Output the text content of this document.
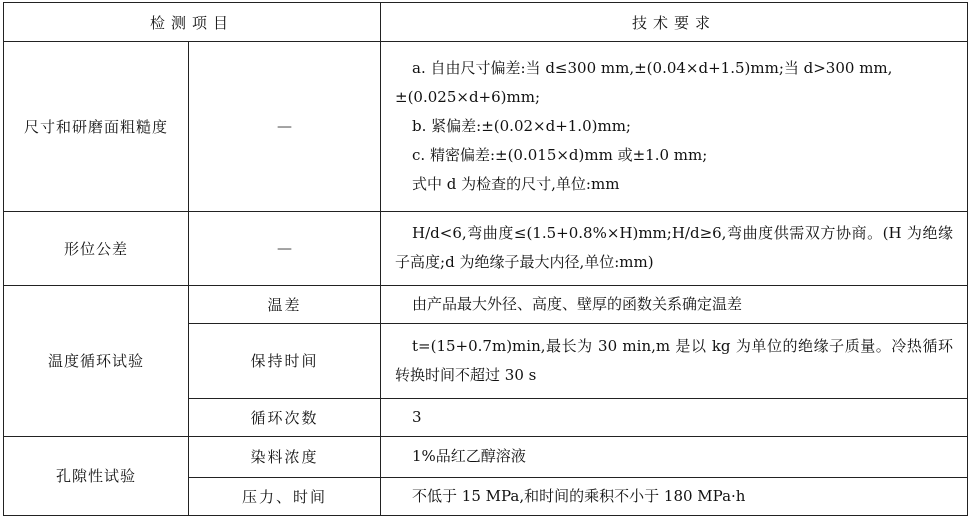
检测项目		技术要求
尺寸和研磨面粗糙度	—	a. 自由尺寸偏差:当 d≤300 mm,±(0.04×d+1.5)mm;当 d>300 mm,

±(0.025×d+6)mm;

b. 紧偏差:±(0.02×d+1.0)mm;

c. 精密偏差:±(0.015×d)mm 或±1.0 mm;

式中 d 为检查的尺寸,单位:mm

形位公差	—	H/d<6,弯曲度≤(1.5+0.8%×H)mm;H/d≥6,弯曲度供需双方协商。(H 为绝缘子高度;d 为绝缘子最大内径,单位:mm)

温度循环试验	温差	由产品最大外径、高度、壁厚的函数关系确定温差

	保持时间	t=(15+0.7m)min,最长为 30 min,m 是以 kg 为单位的绝缘子质量。冷热循环转换时间不超过 30 s

	循环次数	3

孔隙性试验	染料浓度	1%品红乙醇溶液

	压力、时间	不低于 15 MPa,和时间的乘积不小于 180 MPa·h
